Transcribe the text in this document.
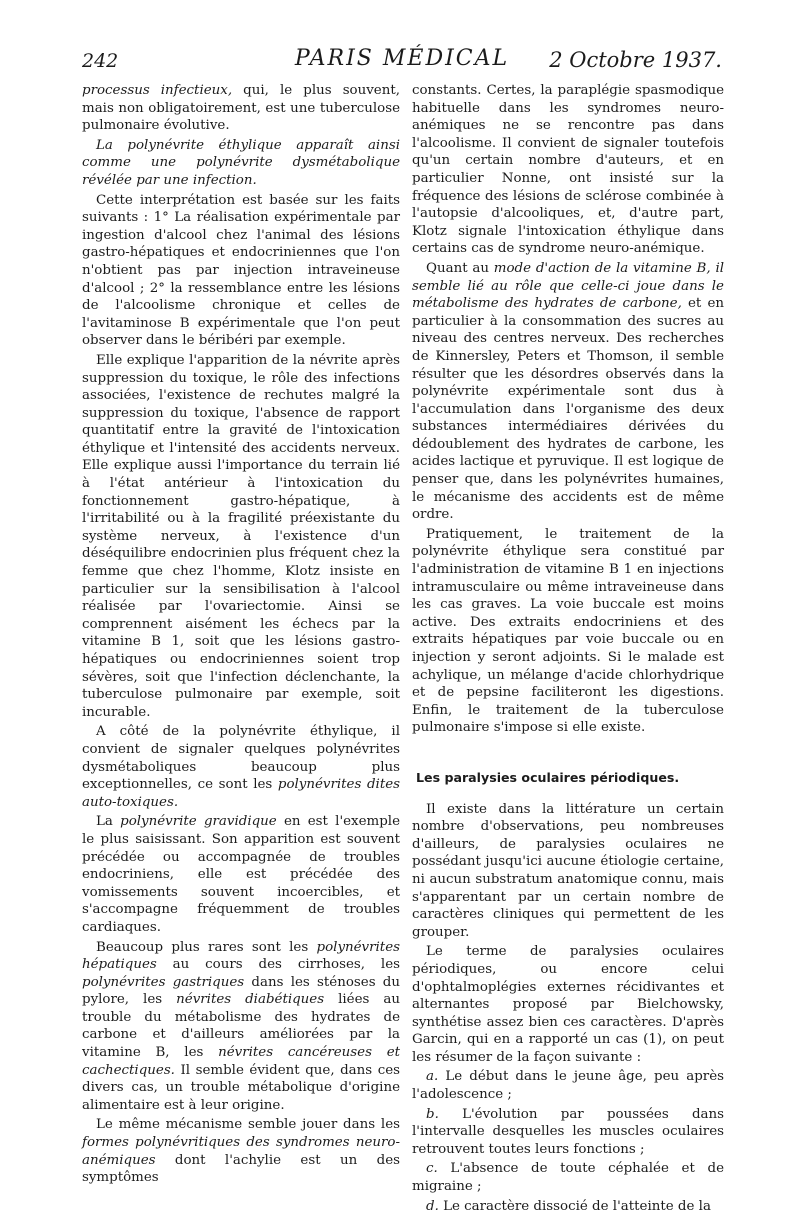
242	PARIS MÉDICAL	2 Octobre 1937.

processus infectieux, qui, le plus souvent, mais non obligatoirement, est une tuberculose pulmonaire évolutive.

La polynévrite éthylique apparaît ainsi comme une polynévrite dysmétabolique révélée par une infection.

Cette interprétation est basée sur les faits suivants : 1° La réalisation expérimentale par ingestion d'alcool chez l'animal des lésions gastro-hépatiques et endocriniennes que l'on n'obtient pas par injection intraveineuse d'alcool ; 2° la ressemblance entre les lésions de l'alcoolisme chronique et celles de l'avitaminose B expérimentale que l'on peut observer dans le béribéri par exemple.

Elle explique l'apparition de la névrite après suppression du toxique, le rôle des infections associées, l'existence de rechutes malgré la suppression du toxique, l'absence de rapport quantitatif entre la gravité de l'intoxication éthylique et l'intensité des accidents nerveux. Elle explique aussi l'importance du terrain lié à l'état antérieur à l'intoxication du fonctionnement gastro-hépatique, à l'irritabilité ou à la fragilité préexistante du système nerveux, à l'existence d'un déséquilibre endocrinien plus fréquent chez la femme que chez l'homme, Klotz insiste en particulier sur la sensibilisation à l'alcool réalisée par l'ovariectomie. Ainsi se comprennent aisément les échecs par la vitamine B 1, soit que les lésions gastro-hépatiques ou endocriniennes soient trop sévères, soit que l'infection déclenchante, la tuberculose pulmonaire par exemple, soit incurable.

A côté de la polynévrite éthylique, il convient de signaler quelques polynévrites dysmétaboliques beaucoup plus exceptionnelles, ce sont les polynévrites dites auto-toxiques.

La polynévrite gravidique en est l'exemple le plus saisissant. Son apparition est souvent précédée ou accompagnée de troubles endocriniens, elle est précédée des vomissements souvent incoercibles, et s'accompagne fréquemment de troubles cardiaques.

Beaucoup plus rares sont les polynévrites hépatiques au cours des cirrhoses, les polynévrites gastriques dans les sténoses du pylore, les névrites diabétiques liées au trouble du métabolisme des hydrates de carbone et d'ailleurs améliorées par la vitamine B, les névrites cancéreuses et cachectiques. Il semble évident que, dans ces divers cas, un trouble métabolique d'origine alimentaire est à leur origine.

Le même mécanisme semble jouer dans les formes polynévritiques des syndromes neuro-anémiques dont l'achylie est un des symptômes

constants. Certes, la paraplégie spasmodique habituelle dans les syndromes neuro-anémiques ne se rencontre pas dans l'alcoolisme. Il convient de signaler toutefois qu'un certain nombre d'auteurs, et en particulier Nonne, ont insisté sur la fréquence des lésions de sclérose combinée à l'autopsie d'alcooliques, et, d'autre part, Klotz signale l'intoxication éthylique dans certains cas de syndrome neuro-anémique.

Quant au mode d'action de la vitamine B, il semble lié au rôle que celle-ci joue dans le métabolisme des hydrates de carbone, et en particulier à la consommation des sucres au niveau des centres nerveux. Des recherches de Kinnersley, Peters et Thomson, il semble résulter que les désordres observés dans la polynévrite expérimentale sont dus à l'accumulation dans l'organisme des deux substances intermédiaires dérivées du dédoublement des hydrates de carbone, les acides lactique et pyruvique. Il est logique de penser que, dans les polynévrites humaines, le mécanisme des accidents est de même ordre.

Pratiquement, le traitement de la polynévrite éthylique sera constitué par l'administration de vitamine B 1 en injections intramusculaire ou même intraveineuse dans les cas graves. La voie buccale est moins active. Des extraits endocriniens et des extraits hépatiques par voie buccale ou en injection y seront adjoints. Si le malade est achylique, un mélange d'acide chlorhydrique et de pepsine faciliteront les digestions. Enfin, le traitement de la tuberculose pulmonaire s'impose si elle existe.

Les paralysies oculaires périodiques.

Il existe dans la littérature un certain nombre d'observations, peu nombreuses d'ailleurs, de paralysies oculaires ne possédant jusqu'ici aucune étiologie certaine, ni aucun substratum anatomique connu, mais s'apparentant par un certain nombre de caractères cliniques qui permettent de les grouper.

Le terme de paralysies oculaires périodiques, ou encore celui d'ophtalmoplégies externes récidivantes et alternantes proposé par Bielchowsky, synthétise assez bien ces caractères. D'après Garcin, qui en a rapporté un cas (1), on peut les résumer de la façon suivante :

a. Le début dans le jeune âge, peu après l'adolescence ;

b. L'évolution par poussées dans l'intervalle desquelles les muscles oculaires retrouvent toutes leurs fonctions ;

c. L'absence de toute céphalée et de migraine ;

d. Le caractère dissocié de l'atteinte de la
